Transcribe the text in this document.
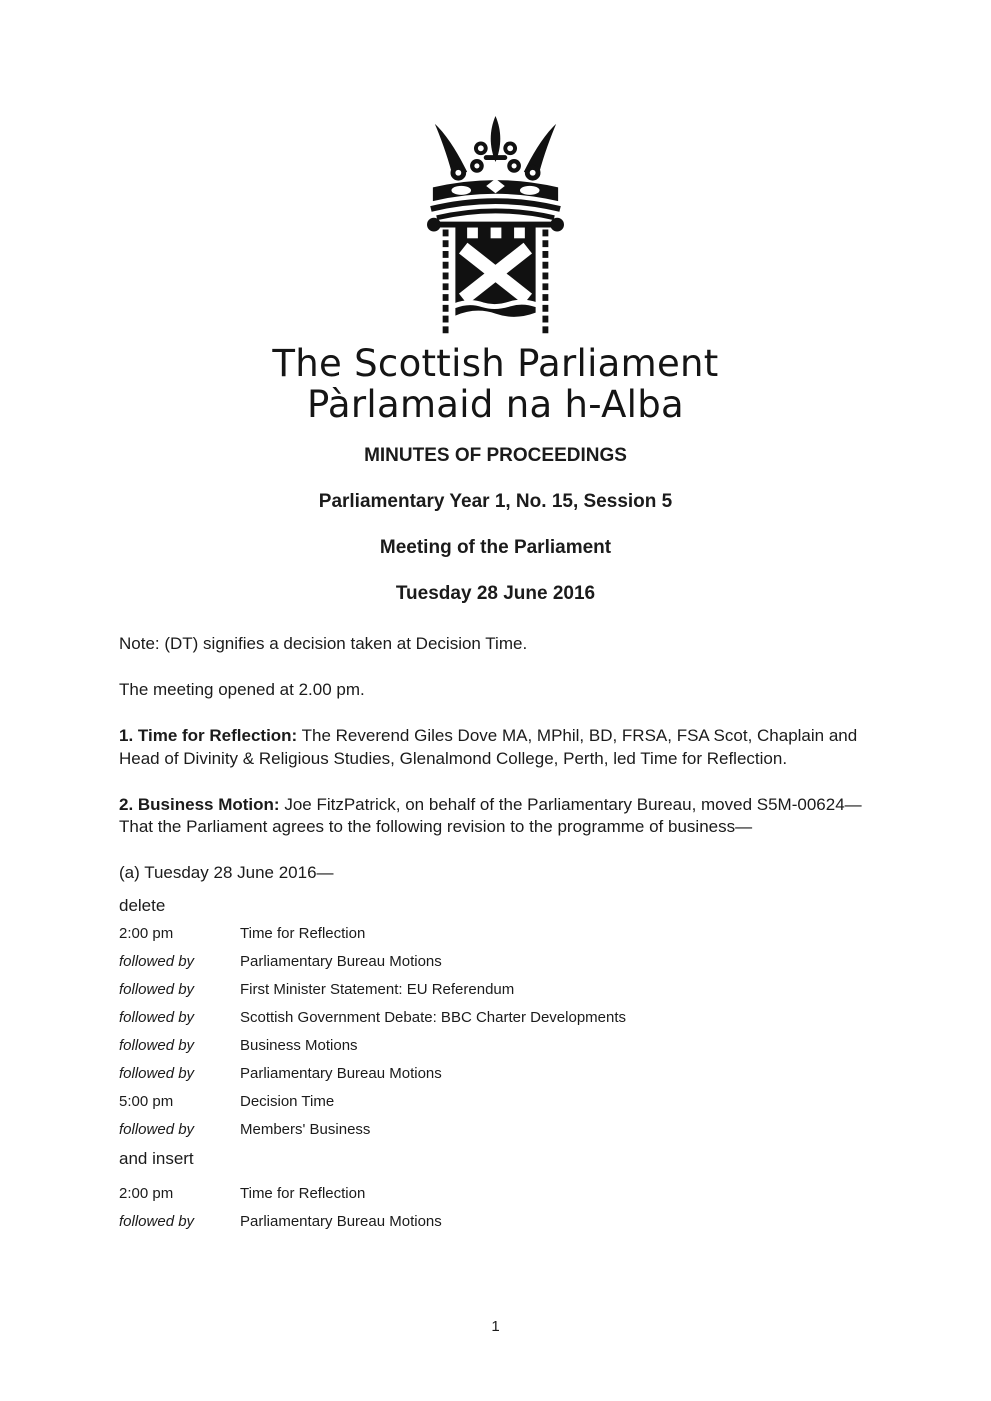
The Scottish Parliament
Pàrlamaid na h-Alba
MINUTES OF PROCEEDINGS
Parliamentary Year 1, No. 15, Session 5
Meeting of the Parliament
Tuesday 28 June 2016

Note: (DT) signifies a decision taken at Decision Time.

The meeting opened at 2.00 pm.

1. Time for Reflection: The Reverend Giles Dove MA, MPhil, BD, FRSA, FSA Scot, Chaplain and Head of Divinity & Religious Studies, Glenalmond College, Perth, led Time for Reflection.

2. Business Motion: Joe FitzPatrick, on behalf of the Parliamentary Bureau, moved S5M-00624—That the Parliament agrees to the following revision to the programme of business—

(a) Tuesday 28 June 2016—

delete

2:00 pm	Time for Reflection
followed by	Parliamentary Bureau Motions
followed by	First Minister Statement: EU Referendum
followed by	Scottish Government Debate: BBC Charter Developments
followed by	Business Motions
followed by	Parliamentary Bureau Motions
5:00 pm	Decision Time
followed by	Members' Business

and insert

2:00 pm	Time for Reflection
followed by	Parliamentary Bureau Motions
1
